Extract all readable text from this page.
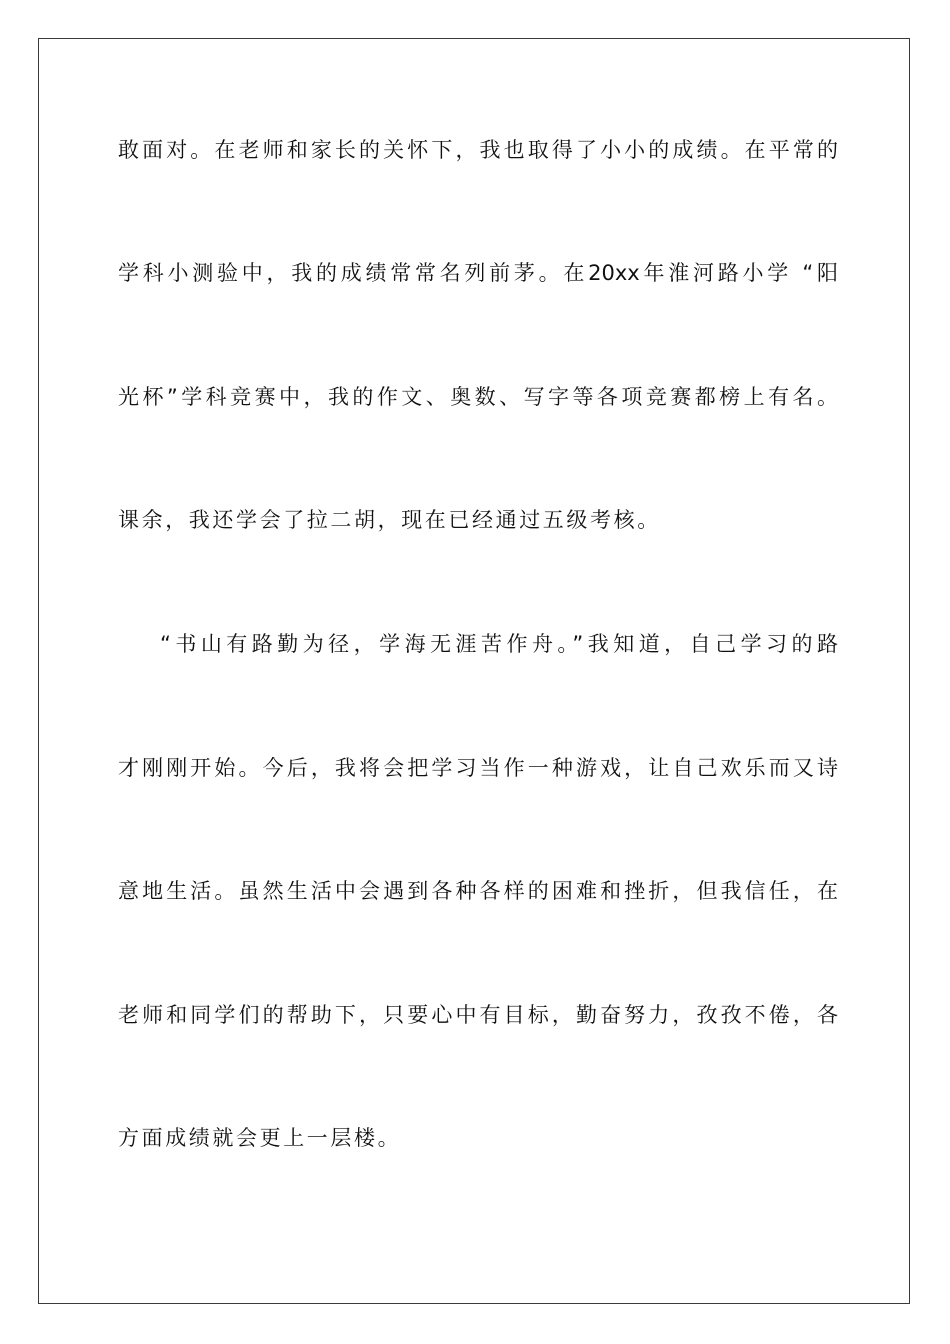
敢面对。在老师和家长的关怀下，我也取得了小小的成绩。在平常的
学科小测验中，我的成绩常常名列前茅。在20xx年淮河路小学 “阳
光杯”学科竞赛中，我的作文、奥数、写字等各项竞赛都榜上有名。
课余，我还学会了拉二胡，现在已经通过五级考核。
“书山有路勤为径，学海无涯苦作舟。”我知道，自己学习的路
才刚刚开始。今后，我将会把学习当作一种游戏，让自己欢乐而又诗
意地生活。虽然生活中会遇到各种各样的困难和挫折，但我信任，在
老师和同学们的帮助下，只要心中有目标，勤奋努力，孜孜不倦，各
方面成绩就会更上一层楼。
